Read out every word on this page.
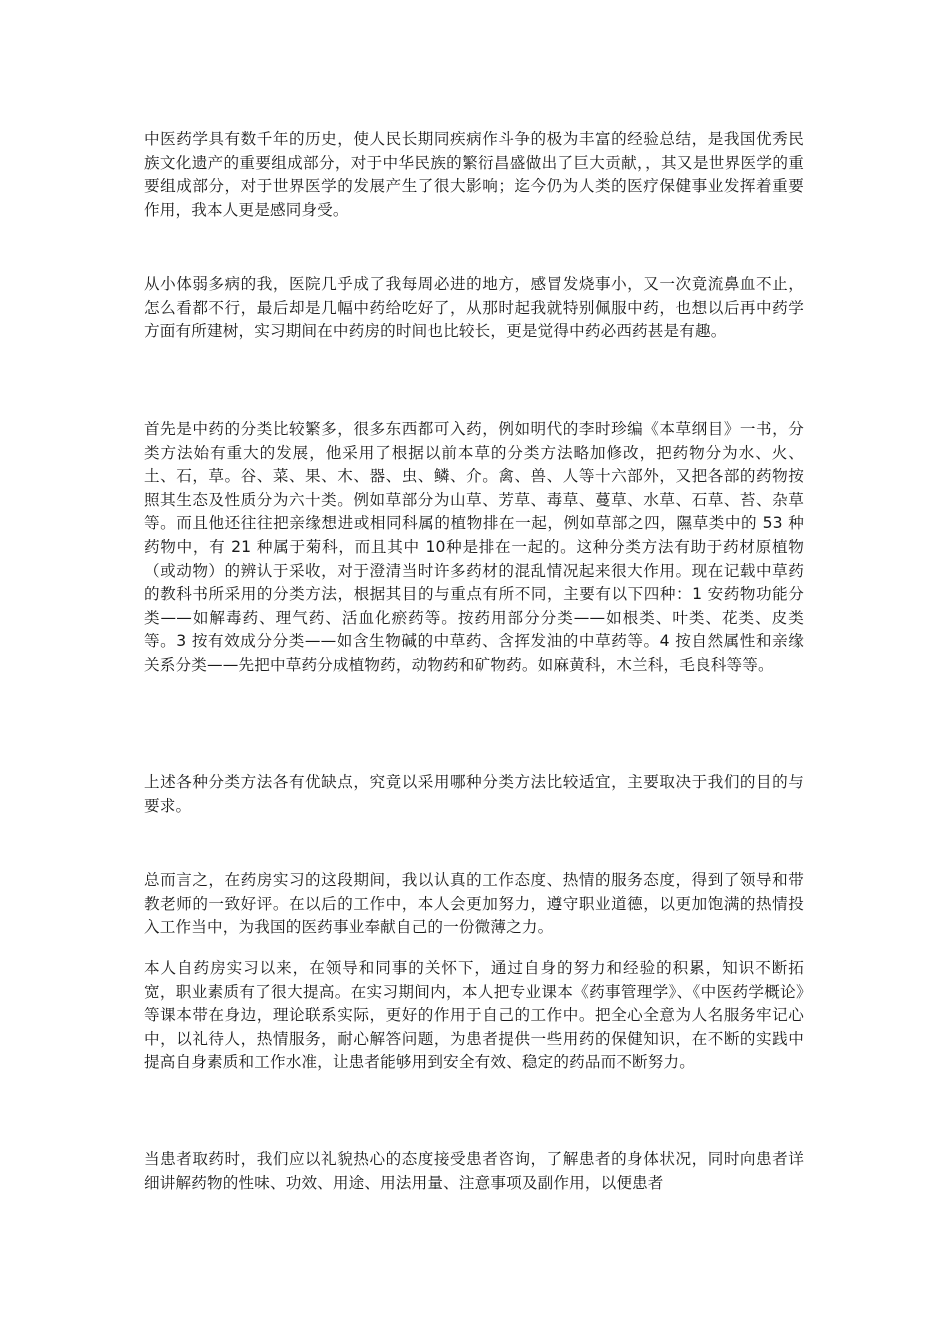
中医药学具有数千年的历史，使人民长期同疾病作斗争的极为丰富的经验总结，是我国优秀民族文化遗产的重要组成部分，对于中华民族的繁衍昌盛做出了巨大贡献，，其又是世界医学的重要组成部分，对于世界医学的发展产生了很大影响；迄今仍为人类的医疗保健事业发挥着重要作用，我本人更是感同身受。

从小体弱多病的我，医院几乎成了我每周必进的地方，感冒发烧事小，又一次竟流鼻血不止，怎么看都不行，最后却是几幅中药给吃好了，从那时起我就特别佩服中药，也想以后再中药学方面有所建树，实习期间在中药房的时间也比较长，更是觉得中药必西药甚是有趣。

首先是中药的分类比较繁多，很多东西都可入药，例如明代的李时珍编《本草纲目》一书，分类方法始有重大的发展，他采用了根据以前本草的分类方法略加修改，把药物分为水、火、土、石，草。谷、菜、果、木、器、虫、鳞、介。禽、兽、人等十六部外，又把各部的药物按照其生态及性质分为六十类。例如草部分为山草、芳草、毒草、蔓草、水草、石草、苔、杂草等。而且他还往往把亲缘想进或相同科属的植物排在一起，例如草部之四，隰草类中的 53 种药物中，有 21 种属于菊科，而且其中 10种是排在一起的。这种分类方法有助于药材原植物（或动物）的辨认于采收，对于澄清当时许多药材的混乱情况起来很大作用。现在记载中草药的教科书所采用的分类方法，根据其目的与重点有所不同，主要有以下四种：1 安药物功能分类——如解毒药、理气药、活血化瘀药等。按药用部分分类——如根类、叶类、花类、皮类等。3 按有效成分分类——如含生物碱的中草药、含挥发油的中草药等。4 按自然属性和亲缘关系分类——先把中草药分成植物药，动物药和矿物药。如麻黄科，木兰科，毛良科等等。

上述各种分类方法各有优缺点，究竟以采用哪种分类方法比较适宜，主要取决于我们的目的与要求。

总而言之，在药房实习的这段期间，我以认真的工作态度、热情的服务态度，得到了领导和带教老师的一致好评。在以后的工作中，本人会更加努力，遵守职业道德，以更加饱满的热情投入工作当中，为我国的医药事业奉献自己的一份微薄之力。

本人自药房实习以来，在领导和同事的关怀下，通过自身的努力和经验的积累，知识不断拓宽，职业素质有了很大提高。在实习期间内，本人把专业课本《药事管理学》、《中医药学概论》等课本带在身边，理论联系实际，更好的作用于自己的工作中。把全心全意为人名服务牢记心中，以礼待人，热情服务，耐心解答问题，为患者提供一些用药的保健知识，在不断的实践中提高自身素质和工作水准，让患者能够用到安全有效、稳定的药品而不断努力。

当患者取药时，我们应以礼貌热心的态度接受患者咨询，了解患者的身体状况，同时向患者详细讲解药物的性味、功效、用途、用法用量、注意事项及副作用，以便患者
